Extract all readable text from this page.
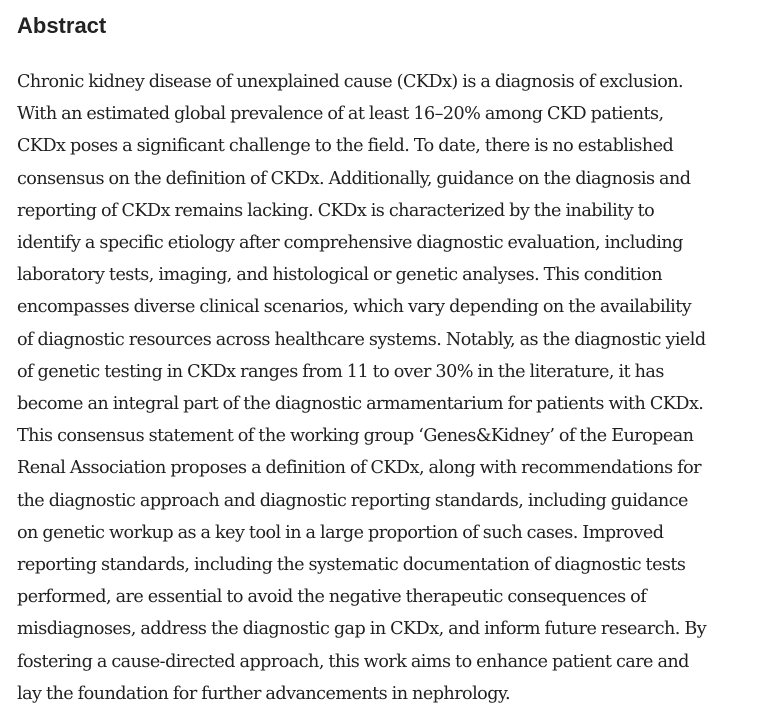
Abstract

Chronic kidney disease of unexplained cause (CKDx) is a diagnosis of exclusion.
With an estimated global prevalence of at least 16–20% among CKD patients,
CKDx poses a significant challenge to the field. To date, there is no established
consensus on the definition of CKDx. Additionally, guidance on the diagnosis and
reporting of CKDx remains lacking. CKDx is characterized by the inability to
identify a specific etiology after comprehensive diagnostic evaluation, including
laboratory tests, imaging, and histological or genetic analyses. This condition
encompasses diverse clinical scenarios, which vary depending on the availability
of diagnostic resources across healthcare systems. Notably, as the diagnostic yield
of genetic testing in CKDx ranges from 11 to over 30% in the literature, it has
become an integral part of the diagnostic armamentarium for patients with CKDx.
This consensus statement of the working group ‘Genes&Kidney’ of the European
Renal Association proposes a definition of CKDx, along with recommendations for
the diagnostic approach and diagnostic reporting standards, including guidance
on genetic workup as a key tool in a large proportion of such cases. Improved
reporting standards, including the systematic documentation of diagnostic tests
performed, are essential to avoid the negative therapeutic consequences of
misdiagnoses, address the diagnostic gap in CKDx, and inform future research. By
fostering a cause-directed approach, this work aims to enhance patient care and
lay the foundation for further advancements in nephrology.
